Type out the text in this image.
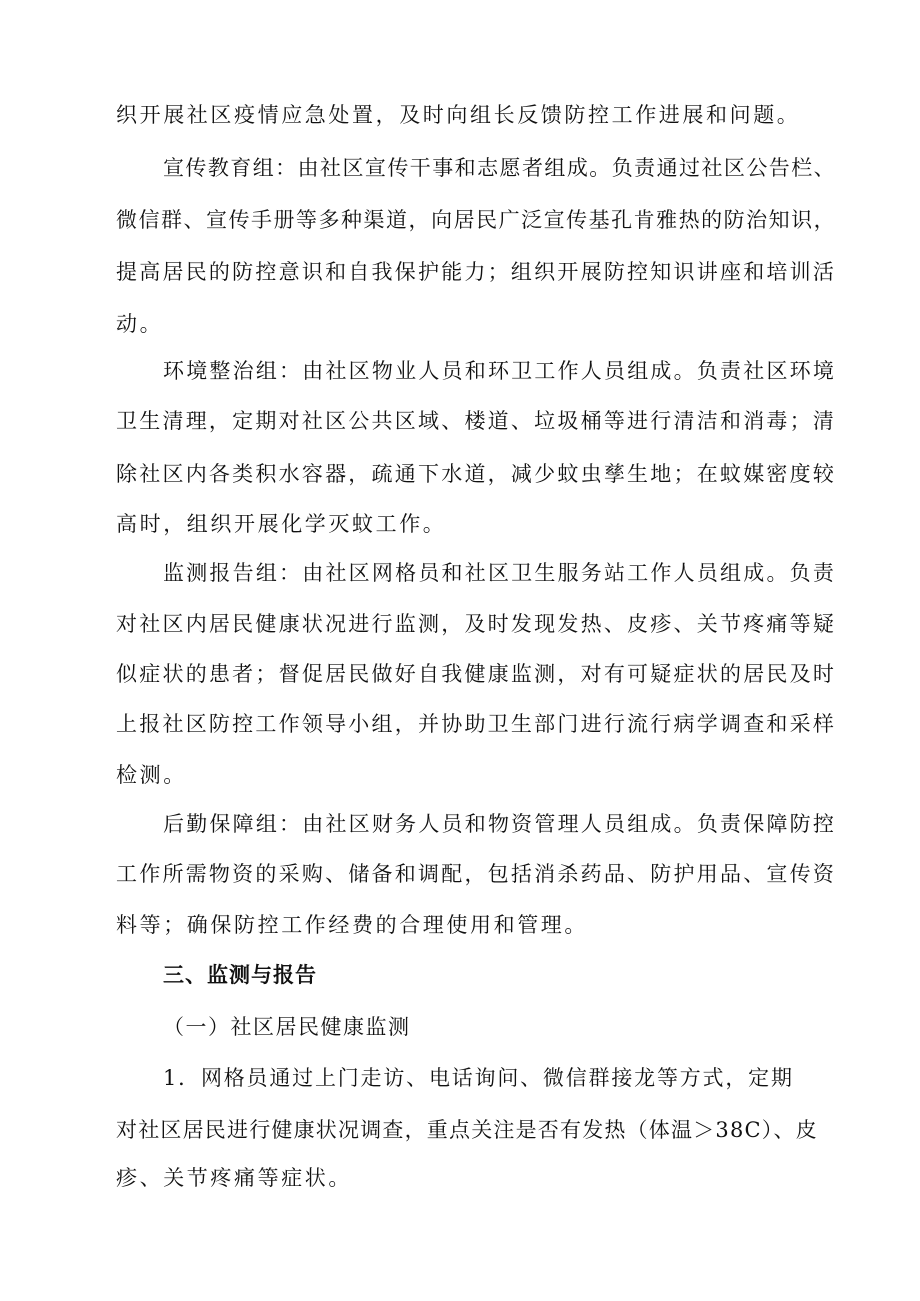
织开展社区疫情应急处置，及时向组长反馈防控工作进展和问题。
宣传教育组：由社区宣传干事和志愿者组成。负责通过社区公告栏、
微信群、宣传手册等多种渠道，向居民广泛宣传基孔肯雅热的防治知识，
提高居民的防控意识和自我保护能力；组织开展防控知识讲座和培训活
动。
环境整治组：由社区物业人员和环卫工作人员组成。负责社区环境
卫生清理，定期对社区公共区域、楼道、垃圾桶等进行清洁和消毒；清
除社区内各类积水容器，疏通下水道，减少蚊虫孳生地；在蚊媒密度较
高时，组织开展化学灭蚊工作。
监测报告组：由社区网格员和社区卫生服务站工作人员组成。负责
对社区内居民健康状况进行监测，及时发现发热、皮疹、关节疼痛等疑
似症状的患者；督促居民做好自我健康监测，对有可疑症状的居民及时
上报社区防控工作领导小组，并协助卫生部门进行流行病学调查和采样
检测。
后勤保障组：由社区财务人员和物资管理人员组成。负责保障防控
工作所需物资的采购、储备和调配，包括消杀药品、防护用品、宣传资
料等；确保防控工作经费的合理使用和管理。
三、监测与报告
（一）社区居民健康监测
1．网格员通过上门走访、电话询问、微信群接龙等方式，定期
对社区居民进行健康状况调查，重点关注是否有发热（体温＞38C）、皮
疹、关节疼痛等症状。
